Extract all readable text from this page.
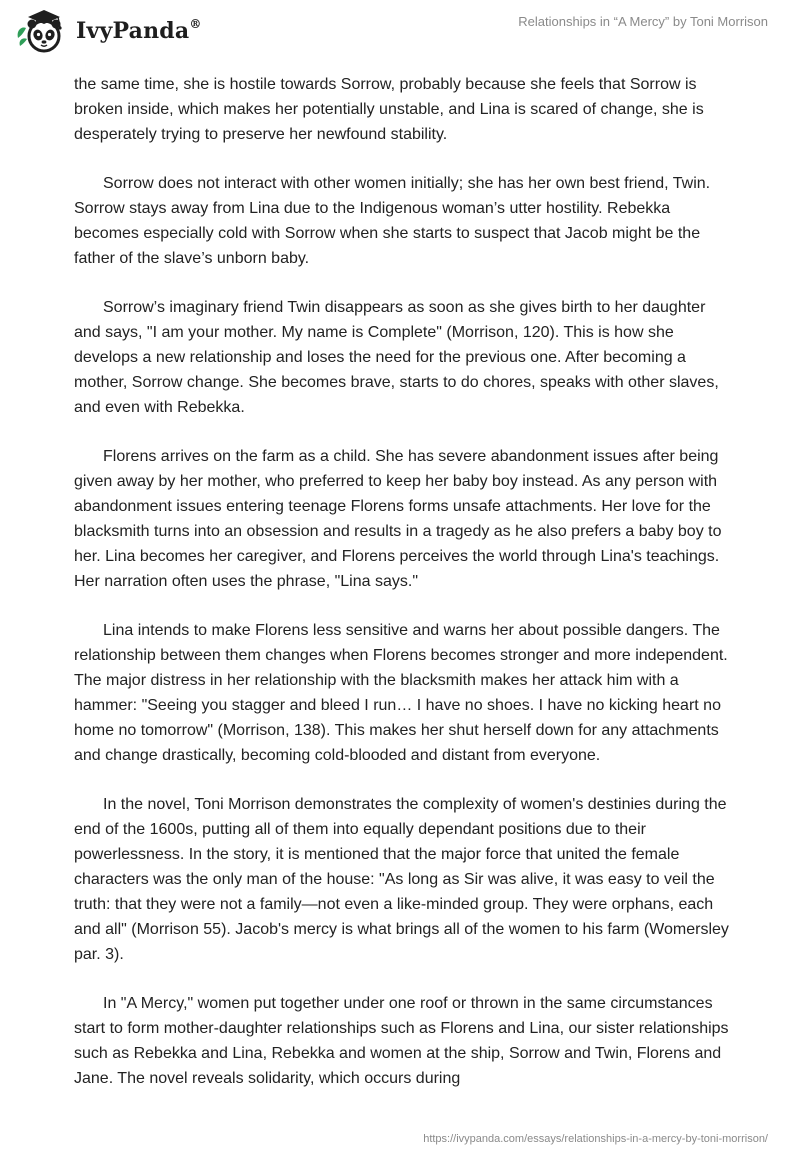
IvyPanda®	Relationships in “A Mercy” by Toni Morrison

the same time, she is hostile towards Sorrow, probably because she feels that Sorrow is broken inside, which makes her potentially unstable, and Lina is scared of change, she is desperately trying to preserve her newfound stability.

Sorrow does not interact with other women initially; she has her own best friend, Twin. Sorrow stays away from Lina due to the Indigenous woman’s utter hostility. Rebekka becomes especially cold with Sorrow when she starts to suspect that Jacob might be the father of the slave’s unborn baby.

Sorrow’s imaginary friend Twin disappears as soon as she gives birth to her daughter and says, "I am your mother. My name is Complete" (Morrison, 120). This is how she develops a new relationship and loses the need for the previous one. After becoming a mother, Sorrow change. She becomes brave, starts to do chores, speaks with other slaves, and even with Rebekka.

Florens arrives on the farm as a child. She has severe abandonment issues after being given away by her mother, who preferred to keep her baby boy instead. As any person with abandonment issues entering teenage Florens forms unsafe attachments. Her love for the blacksmith turns into an obsession and results in a tragedy as he also prefers a baby boy to her. Lina becomes her caregiver, and Florens perceives the world through Lina's teachings. Her narration often uses the phrase, "Lina says."

Lina intends to make Florens less sensitive and warns her about possible dangers. The relationship between them changes when Florens becomes stronger and more independent. The major distress in her relationship with the blacksmith makes her attack him with a hammer: "Seeing you stagger and bleed I run… I have no shoes. I have no kicking heart no home no tomorrow" (Morrison, 138). This makes her shut herself down for any attachments and change drastically, becoming cold-blooded and distant from everyone.

In the novel, Toni Morrison demonstrates the complexity of women's destinies during the end of the 1600s, putting all of them into equally dependant positions due to their powerlessness. In the story, it is mentioned that the major force that united the female characters was the only man of the house: "As long as Sir was alive, it was easy to veil the truth: that they were not a family—not even a like-minded group. They were orphans, each and all" (Morrison 55). Jacob's mercy is what brings all of the women to his farm (Womersley par. 3).

In "A Mercy," women put together under one roof or thrown in the same circumstances start to form mother-daughter relationships such as Florens and Lina, our sister relationships such as Rebekka and Lina, Rebekka and women at the ship, Sorrow and Twin, Florens and Jane. The novel reveals solidarity, which occurs during

https://ivypanda.com/essays/relationships-in-a-mercy-by-toni-morrison/
